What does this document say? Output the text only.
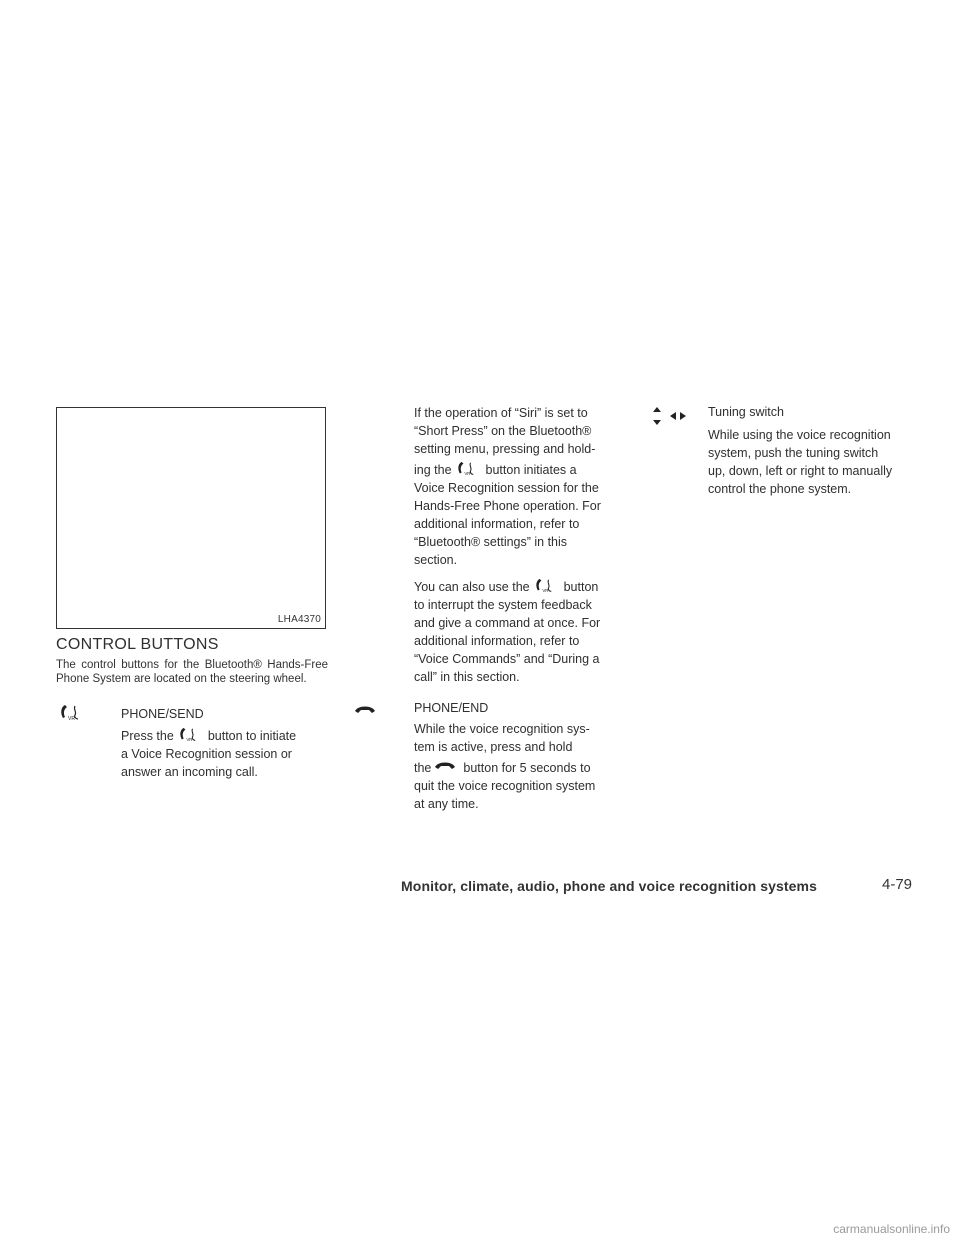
LHA4370
CONTROL BUTTONS
The control buttons for the Bluetooth® Hands-Free Phone System are located on the steering wheel.
VR	PHONE/SEND
Press the VR button to initiate
a Voice Recognition session or
answer an incoming call.
If the operation of “Siri” is set to
“Short Press” on the Bluetooth®
setting menu, pressing and hold-
ing the VR button initiates a
Voice Recognition session for the
Hands-Free Phone operation. For
additional information, refer to
“Bluetooth® settings” in this
section.
You can also use the VR button
to interrupt the system feedback
and give a command at once. For
additional information, refer to
“Voice Commands” and “During a
call” in this section.
PHONE/END
While the voice recognition sys-
tem is active, press and hold
the	button for 5 seconds to
quit the voice recognition system
at any time.
Tuning switch
While using the voice recognition
system, push the tuning switch
up, down, left or right to manually
control the phone system.
Monitor, climate, audio, phone and voice recognition systems	4-79
carmanualsonline.info
